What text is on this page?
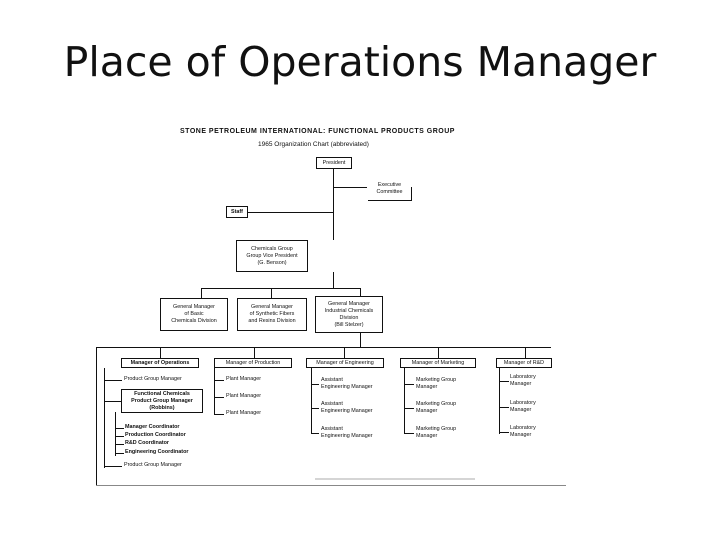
Place of Operations Manager
STONE PETROLEUM INTERNATIONAL: FUNCTIONAL PRODUCTS GROUP
1965 Organization Chart (abbreviated)
President
Executive
Committee
Staff
Chemicals Group
Group Vice President
(G. Benson)
General Manager
of Basic
Chemicals Division
General Manager
of Synthetic Fibers
and Resins Division
General Manager
Industrial Chemicals
Division
(Bill Stelzer)
Manager of Operations	Manager of Production	Manager of Engineering	Manager of Marketing	Manager of R&D
Product Group Manager
Functional Chemicals
Product Group Manager
(Robbins)
Manager Coordinator
Production Coordinator
R&D Coordinator
Engineering Coordinator
Product Group Manager
Plant Manager
Plant Manager
Plant Manager
Assistant
Engineering Manager
Assistant
Engineering Manager
Assistant
Engineering Manager
Marketing Group
Manager
Marketing Group
Manager
Marketing Group
Manager
Laboratory
Manager
Laboratory
Manager
Laboratory
Manager
